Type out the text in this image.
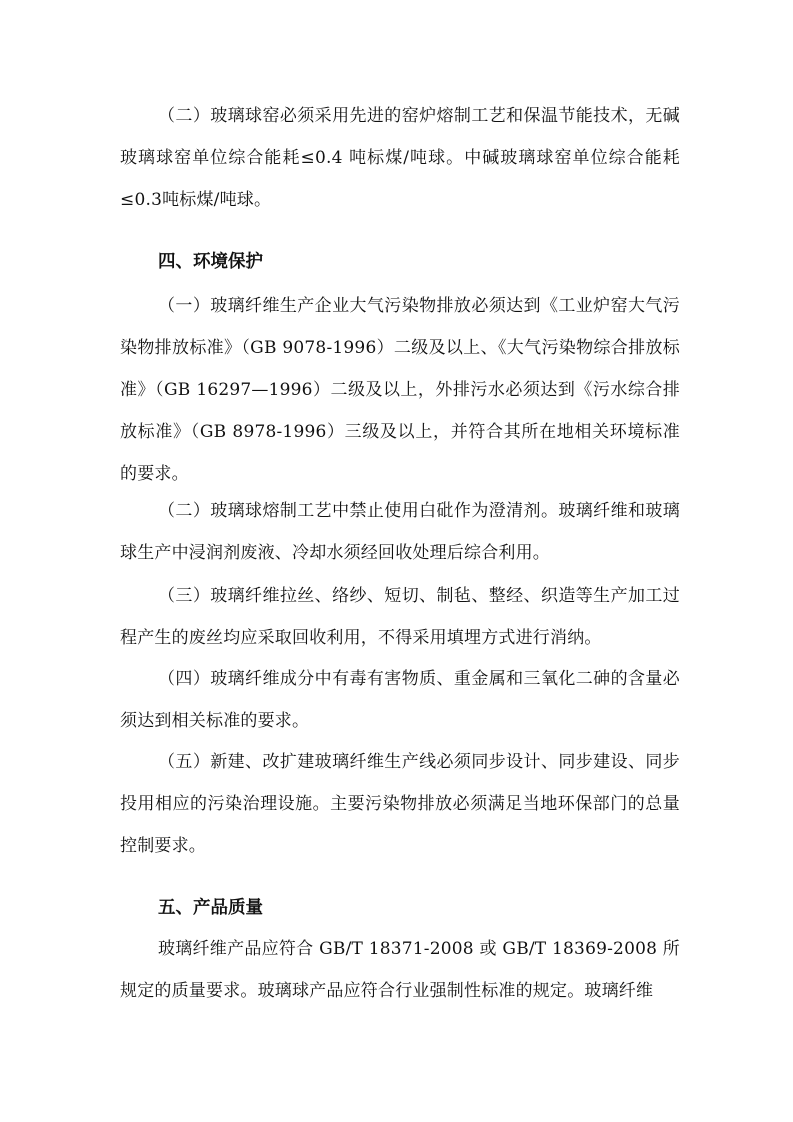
（二）玻璃球窑必须采用先进的窑炉熔制工艺和保温节能技术，无碱玻璃球窑单位综合能耗≤0.4 吨标煤/吨球。中碱玻璃球窑单位综合能耗≤0.3吨标煤/吨球。

四、环境保护

（一）玻璃纤维生产企业大气污染物排放必须达到《工业炉窑大气污染物排放标准》（GB 9078-1996）二级及以上、《大气污染物综合排放标准》（GB 16297—1996）二级及以上，外排污水必须达到《污水综合排放标准》（GB 8978-1996）三级及以上，并符合其所在地相关环境标准的要求。

（二）玻璃球熔制工艺中禁止使用白砒作为澄清剂。玻璃纤维和玻璃球生产中浸润剂废液、冷却水须经回收处理后综合利用。

（三）玻璃纤维拉丝、络纱、短切、制毡、整经、织造等生产加工过程产生的废丝均应采取回收利用，不得采用填埋方式进行消纳。

（四）玻璃纤维成分中有毒有害物质、重金属和三氧化二砷的含量必须达到相关标准的要求。

（五）新建、改扩建玻璃纤维生产线必须同步设计、同步建设、同步投用相应的污染治理设施。主要污染物排放必须满足当地环保部门的总量控制要求。

五、产品质量

玻璃纤维产品应符合 GB/T 18371-2008 或 GB/T 18369-2008 所规定的质量要求。玻璃球产品应符合行业强制性标准的规定。玻璃纤维
